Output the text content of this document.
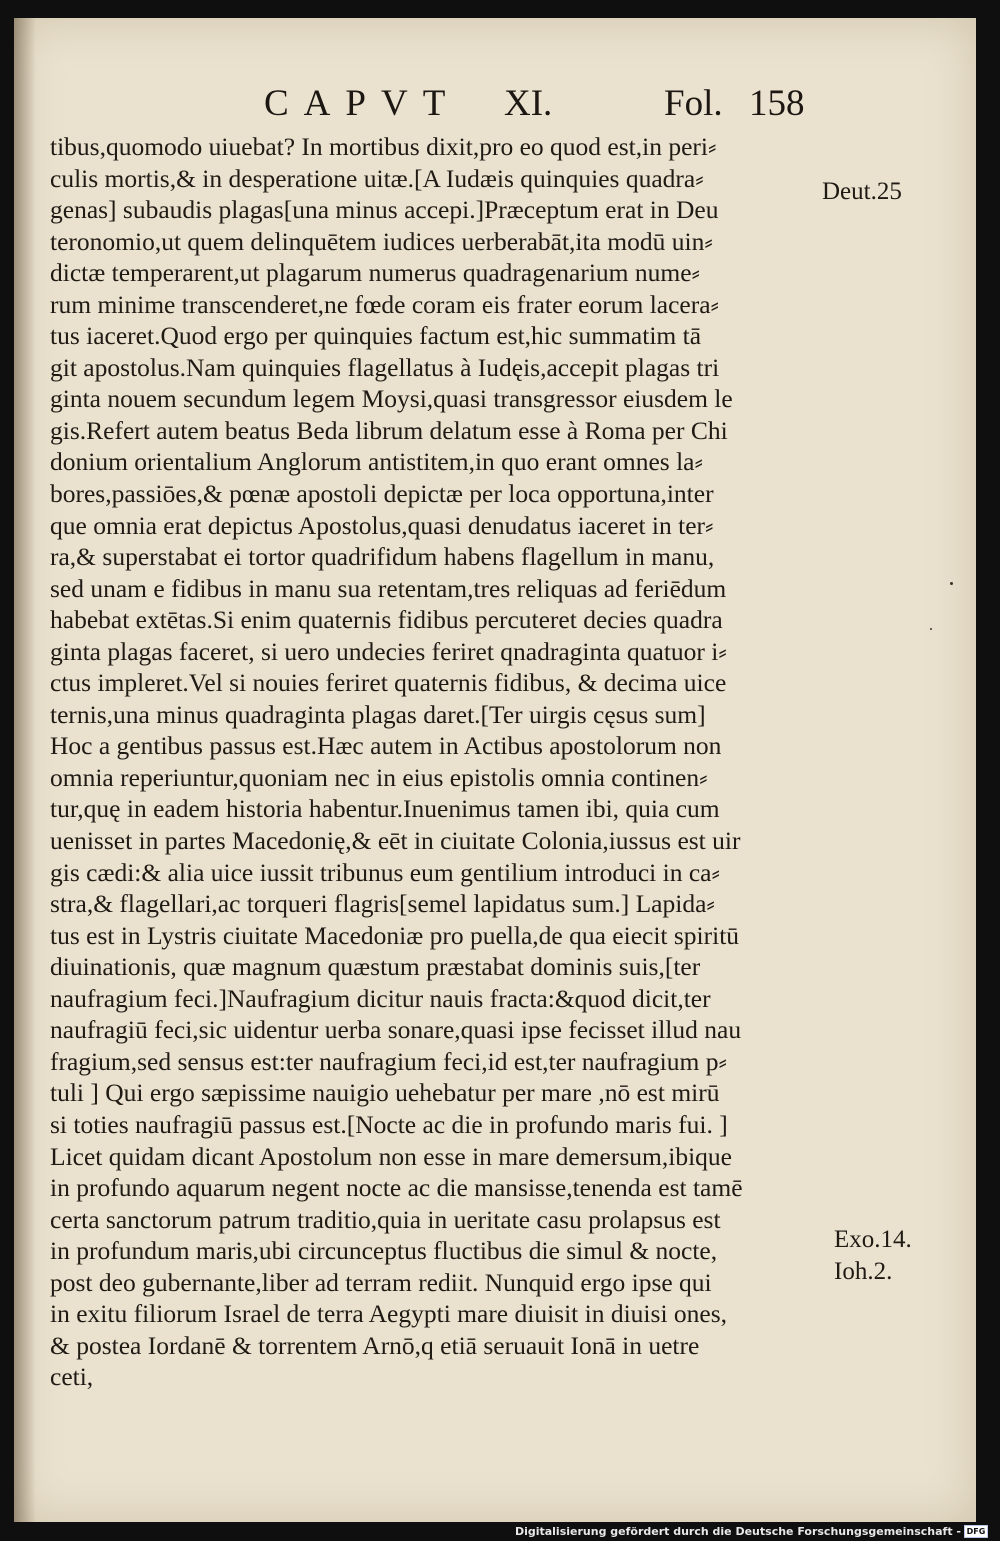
CAPVT XI.	Fol. 158
tibus,quomodo uiuebat? In mortibus dixit,pro eo quod est,in peri⸗
culis mortis,& in desperatione uitæ.[A Iudæis quinquies quadra⸗
genas] subaudis plagas[una minus accepi.]Præceptum erat in Deu
teronomio,ut quem delinquētem iudices uerberabāt,ita modū uin⸗
dictæ temperarent,ut plagarum numerus quadragenarium nume⸗
rum minime transcenderet,ne fœde coram eis frater eorum lacera⸗
tus iaceret.Quod ergo per quinquies factum est,hic summatim tā
git apostolus.Nam quinquies flagellatus à Iudęis,accepit plagas tri
ginta nouem secundum legem Moysi,quasi transgressor eiusdem le
gis.Refert autem beatus Beda librum delatum esse à Roma per Chi
donium orientalium Anglorum antistitem,in quo erant omnes la⸗
bores,passiōes,& pœnæ apostoli depictæ per loca opportuna,inter
que omnia erat depictus Apostolus,quasi denudatus iaceret in ter⸗
ra,& superstabat ei tortor quadrifidum habens flagellum in manu,
sed unam e fidibus in manu sua retentam,tres reliquas ad feriēdum
habebat extētas.Si enim quaternis fidibus percuteret decies quadra
ginta plagas faceret, si uero undecies feriret qnadraginta quatuor i⸗
ctus impleret.Vel si nouies feriret quaternis fidibus, & decima uice
ternis,una minus quadraginta plagas daret.[Ter uirgis cęsus sum]
Hoc a gentibus passus est.Hæc autem in Actibus apostolorum non
omnia reperiuntur,quoniam nec in eius epistolis omnia continen⸗
tur,quę in eadem historia habentur.Inuenimus tamen ibi, quia cum
uenisset in partes Macedonię,& eēt in ciuitate Colonia,iussus est uir
gis cædi:& alia uice iussit tribunus eum gentilium introduci in ca⸗
stra,& flagellari,ac torqueri flagris[semel lapidatus sum.] Lapida⸗
tus est in Lystris ciuitate Macedoniæ pro puella,de qua eiecit spiritū
diuinationis, quæ magnum quæstum præstabat dominis suis,[ter
naufragium feci.]Naufragium dicitur nauis fracta:&quod dicit,ter
naufragiū feci,sic uidentur uerba sonare,quasi ipse fecisset illud nau
fragium,sed sensus est:ter naufragium feci,id est,ter naufragium p⸗
tuli ] Qui ergo sæpissime nauigio uehebatur per mare ,nō est mirū
si toties naufragiū passus est.[Nocte ac die in profundo maris fui. ]
Licet quidam dicant Apostolum non esse in mare demersum,ibique
in profundo aquarum negent nocte ac die mansisse,tenenda est tamē
certa sanctorum patrum traditio,quia in ueritate casu prolapsus est
in profundum maris,ubi circunceptus fluctibus die simul & nocte,
post deo gubernante,liber ad terram rediit. Nunquid ergo ipse qui
in exitu filiorum Israel de terra Aegypti mare diuisit in diuisi ones,
& postea Iordanē & torrentem Arnō,q etiā seruauit Ionā in uetre
ceti,
Deut.25
Exo.14.
Ioh.2.
Digitalisierung gefördert durch die Deutsche Forschungsgemeinschaft - DFG
